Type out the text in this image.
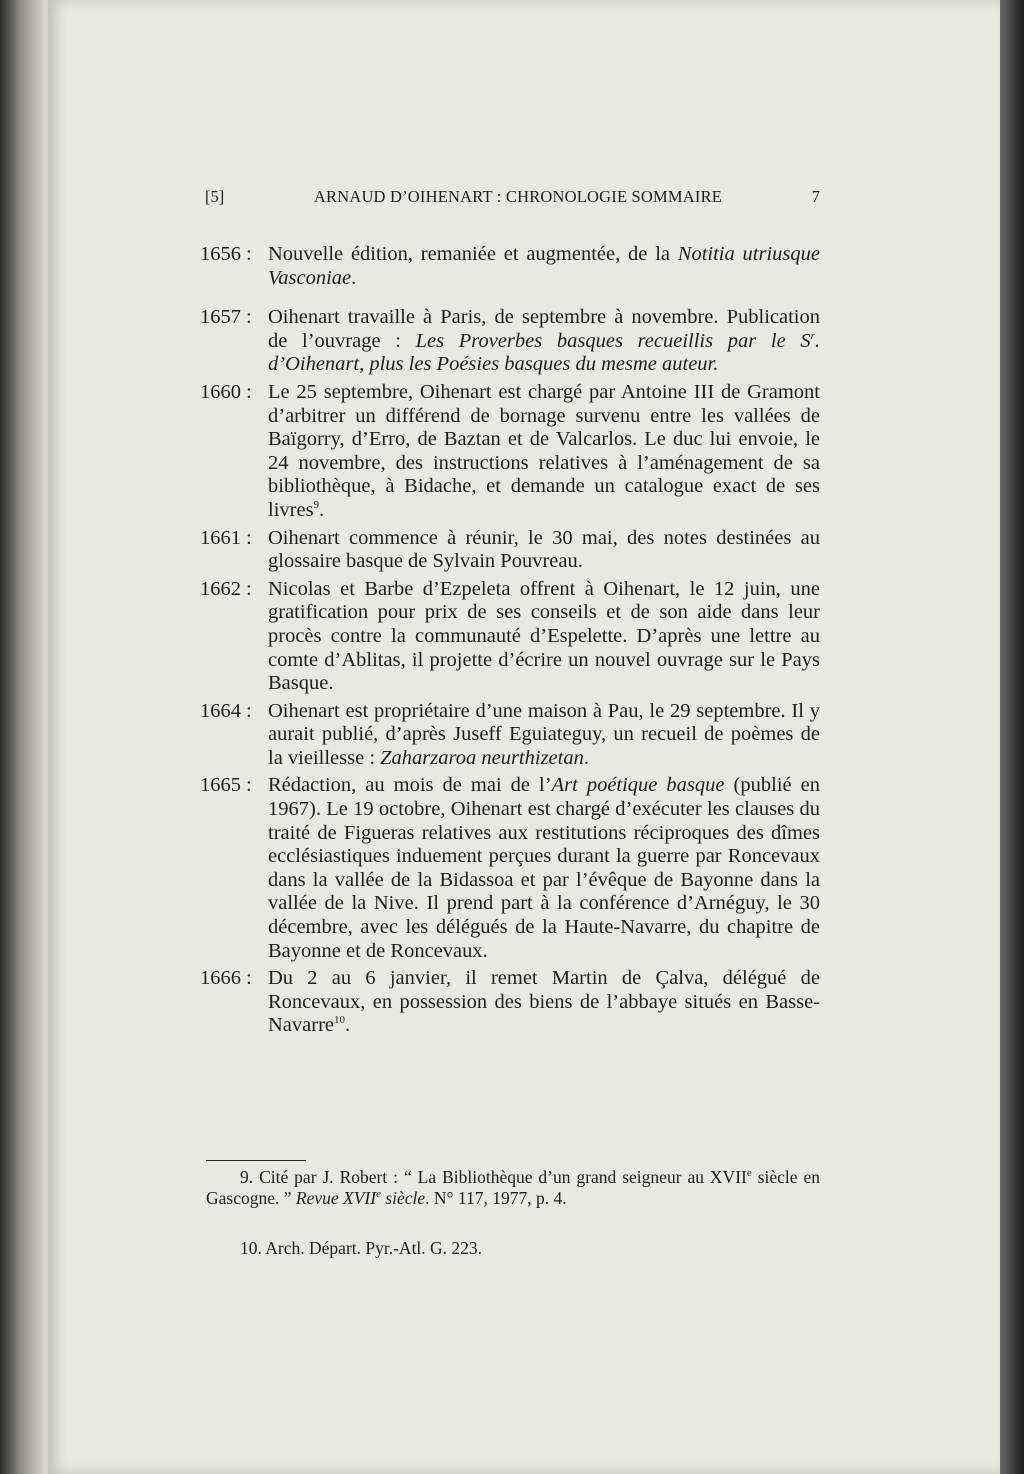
[5]	ARNAUD D’OIHENART : CHRONOLOGIE SOMMAIRE	7
1656 : Nouvelle édition, remaniée et augmentée, de la Notitia utriusque Vasconiae.
1657 : Oihenart travaille à Paris, de septembre à novembre. Publication de l’ouvrage : Les Proverbes basques recueillis par le $S^r$. d’Oihenart, plus les Poésies basques du mesme auteur.
1660 : Le 25 septembre, Oihenart est chargé par Antoine III de Gramont d’arbitrer un différend de bornage survenu entre les vallées de Baïgorry, d’Erro, de Baztan et de Valcarlos. Le duc lui envoie, le 24 novembre, des instructions relatives à l’aménagement de sa bibliothèque, à Bidache, et demande un catalogue exact de ses livres$^9$.
1661 : Oihenart commence à réunir, le 30 mai, des notes destinées au glossaire basque de Sylvain Pouvreau.
1662 : Nicolas et Barbe d’Ezpeleta offrent à Oihenart, le 12 juin, une gratification pour prix de ses conseils et de son aide dans leur procès contre la communauté d’Espelette. D’après une lettre au comte d’Ablitas, il projette d’écrire un nouvel ouvrage sur le Pays Basque.
1664 : Oihenart est propriétaire d’une maison à Pau, le 29 septembre. Il y aurait publié, d’après Juseff Eguiateguy, un recueil de poèmes de la vieillesse : Zaharzaroa neurthizetan.
1665 : Rédaction, au mois de mai de l’Art poétique basque (publié en 1967). Le 19 octobre, Oihenart est chargé d’exécuter les clauses du traité de Figueras relatives aux restitutions réciproques des dîmes ecclésiastiques induement perçues durant la guerre par Roncevaux dans la vallée de la Bidassoa et par l’évêque de Bayonne dans la vallée de la Nive. Il prend part à la conférence d’Arnéguy, le 30 décembre, avec les délégués de la Haute-Navarre, du chapitre de Bayonne et de Roncevaux.
1666 : Du 2 au 6 janvier, il remet Martin de Çalva, délégué de Roncevaux, en possession des biens de l’abbaye situés en Basse-Navarre$^{10}$.
9. Cité par J. Robert : “ La Bibliothèque d’un grand seigneur au XVIIe siècle en Gascogne. ” Revue XVIIe siècle. N° 117, 1977, p. 4.
10. Arch. Départ. Pyr.-Atl. G. 223.
